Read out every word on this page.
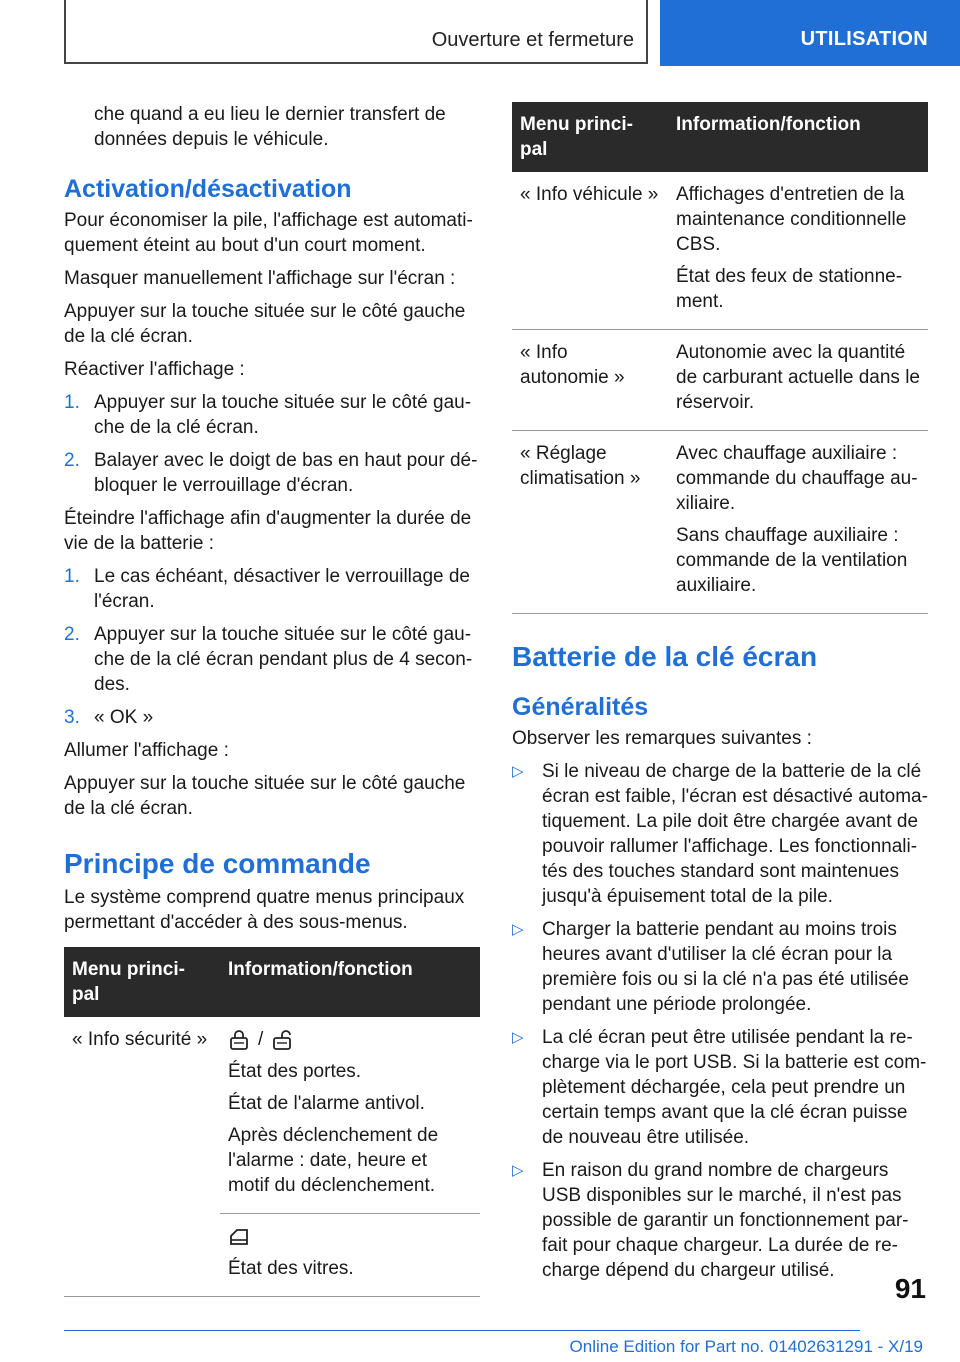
Ouverture et fermeture	UTILISATION

che quand a eu lieu le dernier transfert de données depuis le véhicule.

Activation/désactivation

Pour économiser la pile, l'affichage est automati‐quement éteint au bout d'un court moment.

Masquer manuellement l'affichage sur l'écran :

Appuyer sur la touche située sur le côté gauche de la clé écran.

Réactiver l'affichage :

1. Appuyer sur la touche située sur le côté gau‐che de la clé écran.
2. Balayer avec le doigt de bas en haut pour dé‐bloquer le verrouillage d'écran.

Éteindre l'affichage afin d'augmenter la durée de vie de la batterie :

1. Le cas échéant, désactiver le verrouillage de l'écran.
2. Appuyer sur la touche située sur le côté gau‐che de la clé écran pendant plus de 4 secon‐des.
3. « OK »

Allumer l'affichage :

Appuyer sur la touche située sur le côté gauche de la clé écran.

Principe de commande

Le système comprend quatre menus principaux permettant d'accéder à des sous-menus.

Menu princi‐pal	Information/fonction
« Info sécurité »	/

État des portes.

État de l'alarme antivol.

Après déclenchement de l'alarme : date, heure et motif du déclenchement.

	État des vitres.

Menu princi‐pal	Information/fonction
« Info véhicule »	Affichages d'entretien de la maintenance conditionnelle CBS.

État des feux de stationne‐ment.

« Info autonomie »	Autonomie avec la quantité de carburant actuelle dans le réservoir.

« Réglage climatisation »	Avec chauffage auxiliaire : commande du chauffage au‐xiliaire.

Sans chauffage auxiliaire : commande de la ventilation auxiliaire.

Batterie de la clé écran
Généralités

Observer les remarques suivantes :

▷ Si le niveau de charge de la batterie de la clé écran est faible, l'écran est désactivé automa‐tiquement. La pile doit être chargée avant de pouvoir rallumer l'affichage. Les fonctionnali‐tés des touches standard sont maintenues jusqu'à épuisement total de la pile.
▷ Charger la batterie pendant au moins trois heures avant d'utiliser la clé écran pour la première fois ou si la clé n'a pas été utilisée pendant une période prolongée.
▷ La clé écran peut être utilisée pendant la re‐charge via le port USB. Si la batterie est com‐plètement déchargée, cela peut prendre un certain temps avant que la clé écran puisse de nouveau être utilisée.
▷ En raison du grand nombre de chargeurs USB disponibles sur le marché, il n'est pas possible de garantir un fonctionnement par‐fait pour chaque chargeur. La durée de re‐charge dépend du chargeur utilisé.
91
Online Edition for Part no. 01402631291 - X/19
